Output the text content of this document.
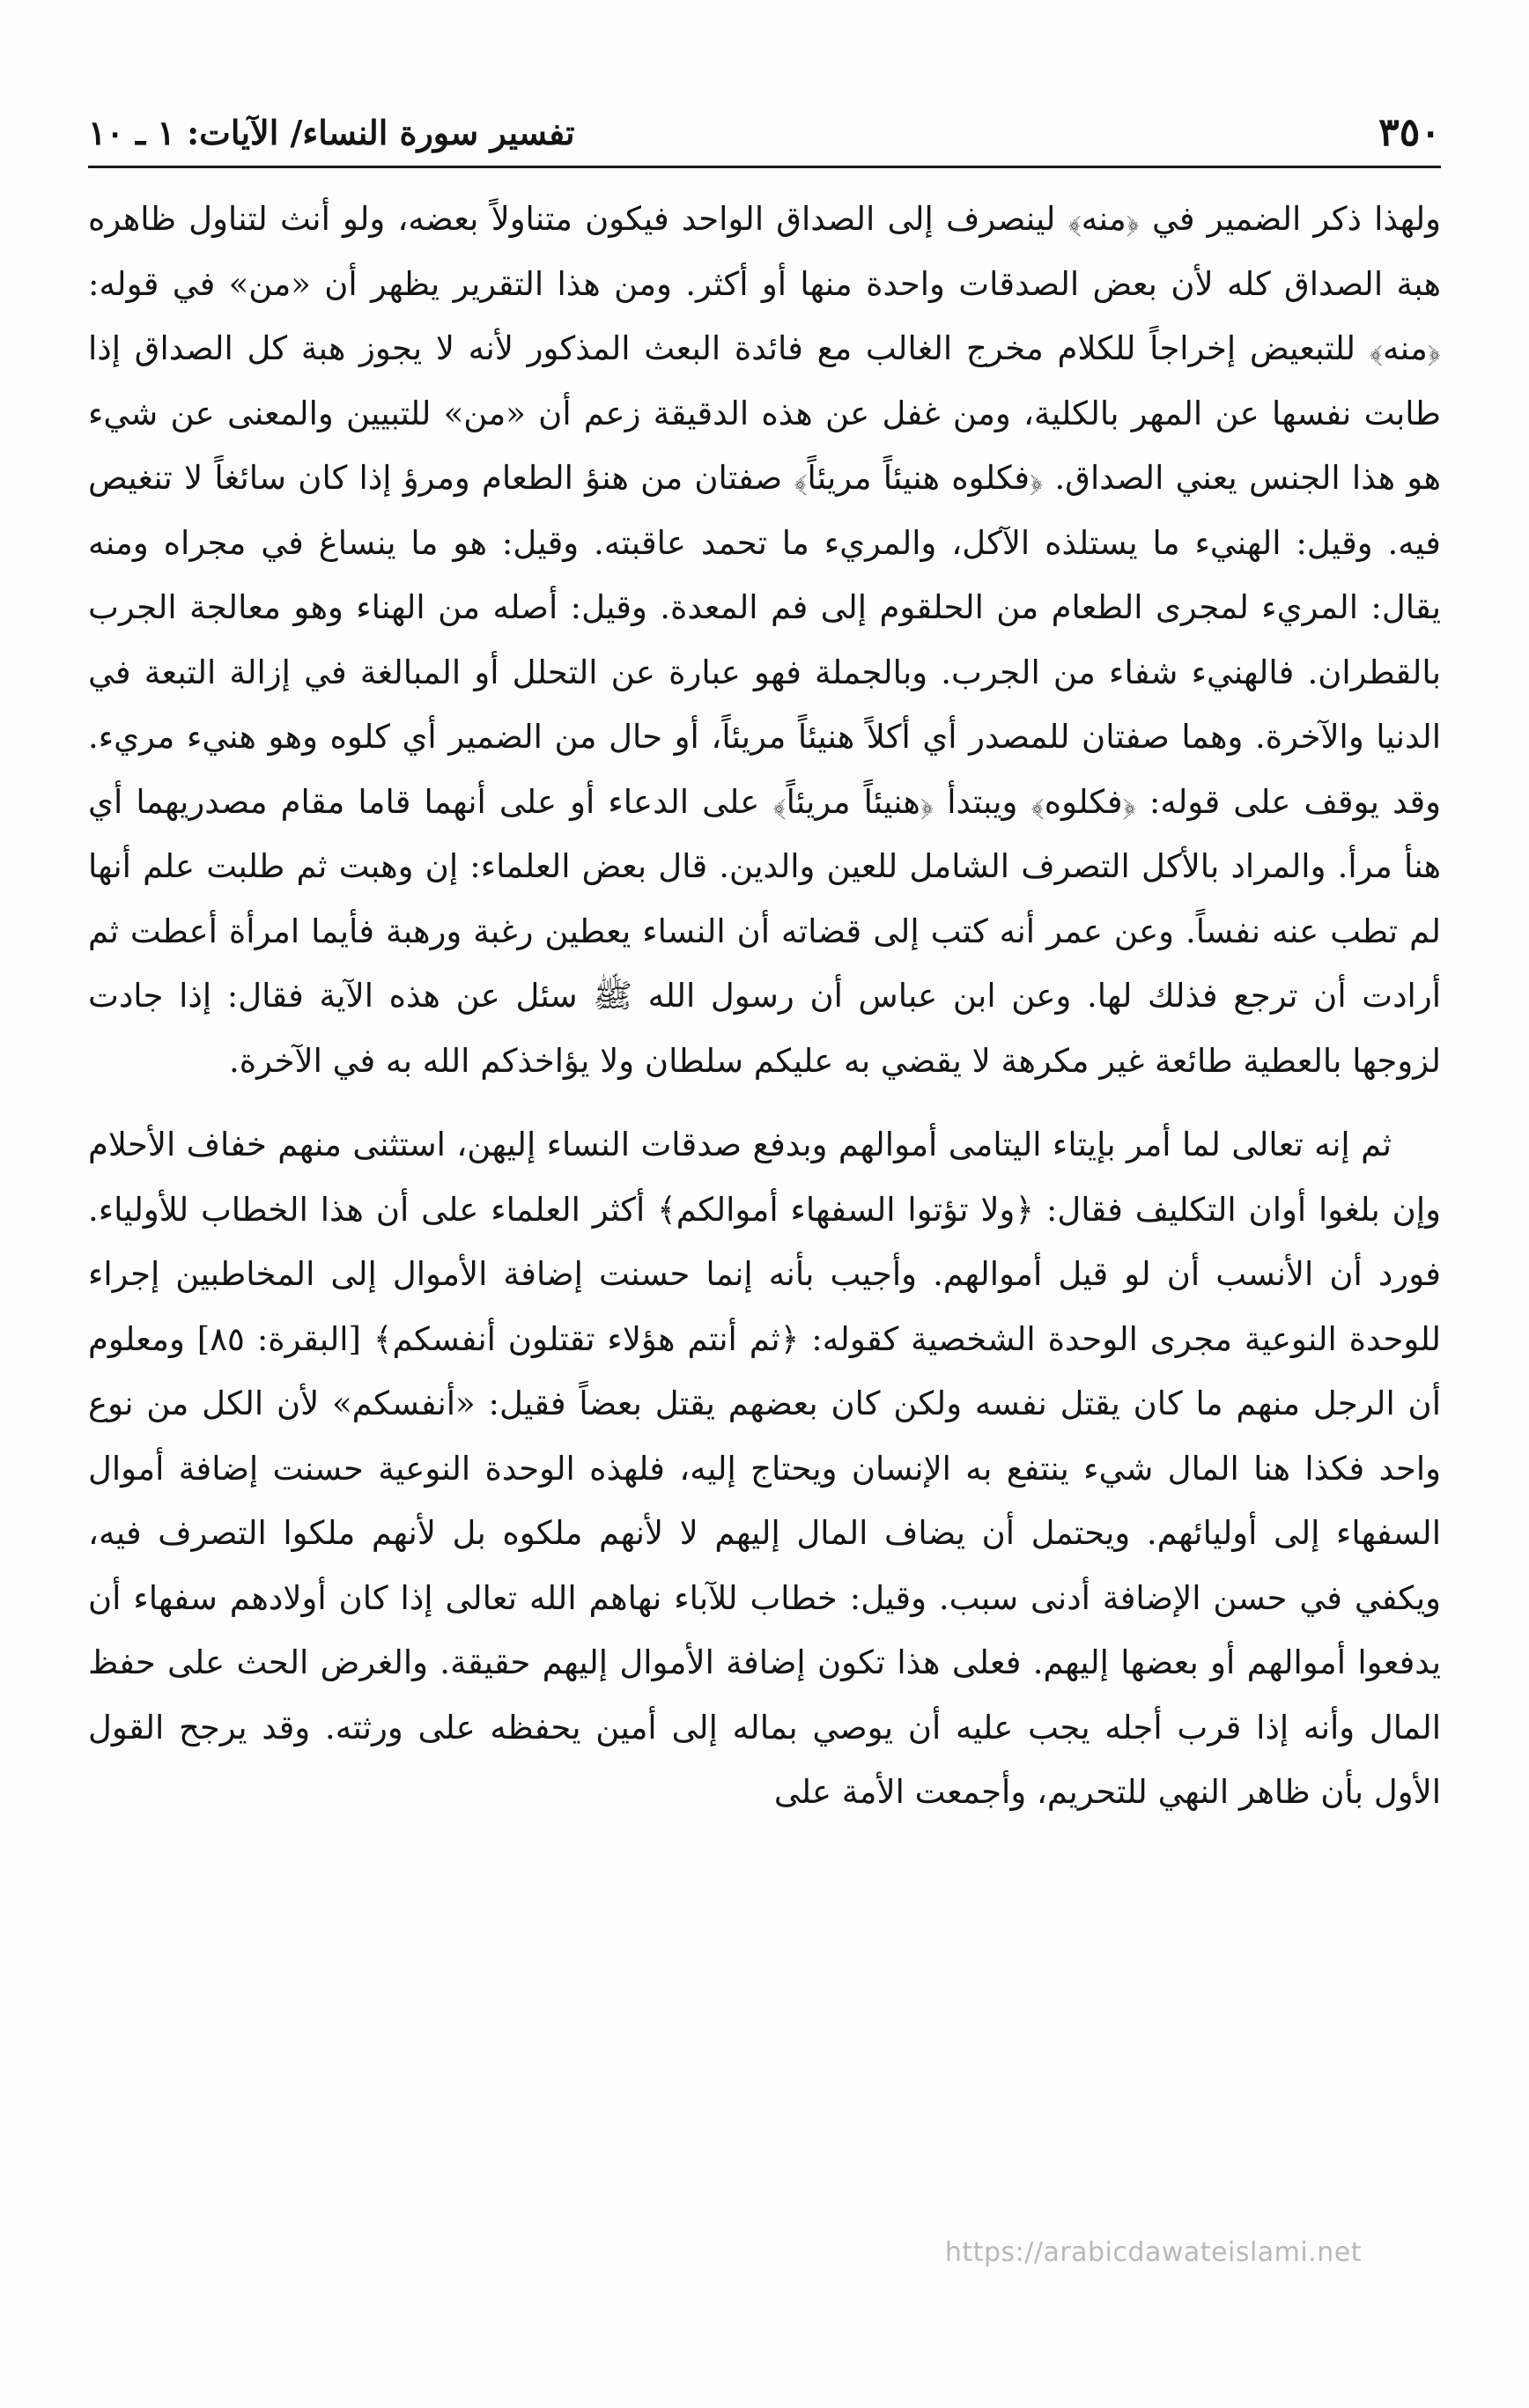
٣٥٠
تفسير سورة النساء/ الآيات: ١ ـ ١٠

ولهذا ذكر الضمير في ﴿منه﴾ لينصرف إلى الصداق الواحد فيكون متناولاً بعضه، ولو أنث لتناول ظاهره هبة الصداق كله لأن بعض الصدقات واحدة منها أو أكثر. ومن هذا التقرير يظهر أن «من» في قوله: ﴿منه﴾ للتبعيض إخراجاً للكلام مخرج الغالب مع فائدة البعث المذكور لأنه لا يجوز هبة كل الصداق إذا طابت نفسها عن المهر بالكلية، ومن غفل عن هذه الدقيقة زعم أن «من» للتبيين والمعنى عن شيء هو هذا الجنس يعني الصداق. ﴿فكلوه هنيئاً مريئاً﴾ صفتان من هنؤ الطعام ومرؤ إذا كان سائغاً لا تنغيص فيه. وقيل: الهنيء ما يستلذه الآكل، والمريء ما تحمد عاقبته. وقيل: هو ما ينساغ في مجراه ومنه يقال: المريء لمجرى الطعام من الحلقوم إلى فم المعدة. وقيل: أصله من الهناء وهو معالجة الجرب بالقطران. فالهنيء شفاء من الجرب. وبالجملة فهو عبارة عن التحلل أو المبالغة في إزالة التبعة في الدنيا والآخرة. وهما صفتان للمصدر أي أكلاً هنيئاً مريئاً، أو حال من الضمير أي كلوه وهو هنيء مريء. وقد يوقف على قوله: ﴿فكلوه﴾ ويبتدأ ﴿هنيئاً مريئاً﴾ على الدعاء أو على أنهما قاما مقام مصدريهما أي هنأ مرأ. والمراد بالأكل التصرف الشامل للعين والدين. قال بعض العلماء: إن وهبت ثم طلبت علم أنها لم تطب عنه نفساً. وعن عمر أنه كتب إلى قضاته أن النساء يعطين رغبة ورهبة فأيما امرأة أعطت ثم أرادت أن ترجع فذلك لها. وعن ابن عباس أن رسول الله ﷺ سئل عن هذه الآية فقال: إذا جادت لزوجها بالعطية طائعة غير مكرهة لا يقضي به عليكم سلطان ولا يؤاخذكم الله به في الآخرة.

ثم إنه تعالى لما أمر بإيتاء اليتامى أموالهم وبدفع صدقات النساء إليهن، استثنى منهم خفاف الأحلام وإن بلغوا أوان التكليف فقال: ﴿ولا تؤتوا السفهاء أموالكم﴾ أكثر العلماء على أن هذا الخطاب للأولياء. فورد أن الأنسب أن لو قيل أموالهم. وأجيب بأنه إنما حسنت إضافة الأموال إلى المخاطبين إجراء للوحدة النوعية مجرى الوحدة الشخصية كقوله: ﴿ثم أنتم هؤلاء تقتلون أنفسكم﴾ [البقرة: ٨٥] ومعلوم أن الرجل منهم ما كان يقتل نفسه ولكن كان بعضهم يقتل بعضاً فقيل: «أنفسكم» لأن الكل من نوع واحد فكذا هنا المال شيء ينتفع به الإنسان ويحتاج إليه، فلهذه الوحدة النوعية حسنت إضافة أموال السفهاء إلى أوليائهم. ويحتمل أن يضاف المال إليهم لا لأنهم ملكوه بل لأنهم ملكوا التصرف فيه، ويكفي في حسن الإضافة أدنى سبب. وقيل: خطاب للآباء نهاهم الله تعالى إذا كان أولادهم سفهاء أن يدفعوا أموالهم أو بعضها إليهم. فعلى هذا تكون إضافة الأموال إليهم حقيقة. والغرض الحث على حفظ المال وأنه إذا قرب أجله يجب عليه أن يوصي بماله إلى أمين يحفظه على ورثته. وقد يرجح القول الأول بأن ظاهر النهي للتحريم، وأجمعت الأمة على

https://arabicdawateislami.net
